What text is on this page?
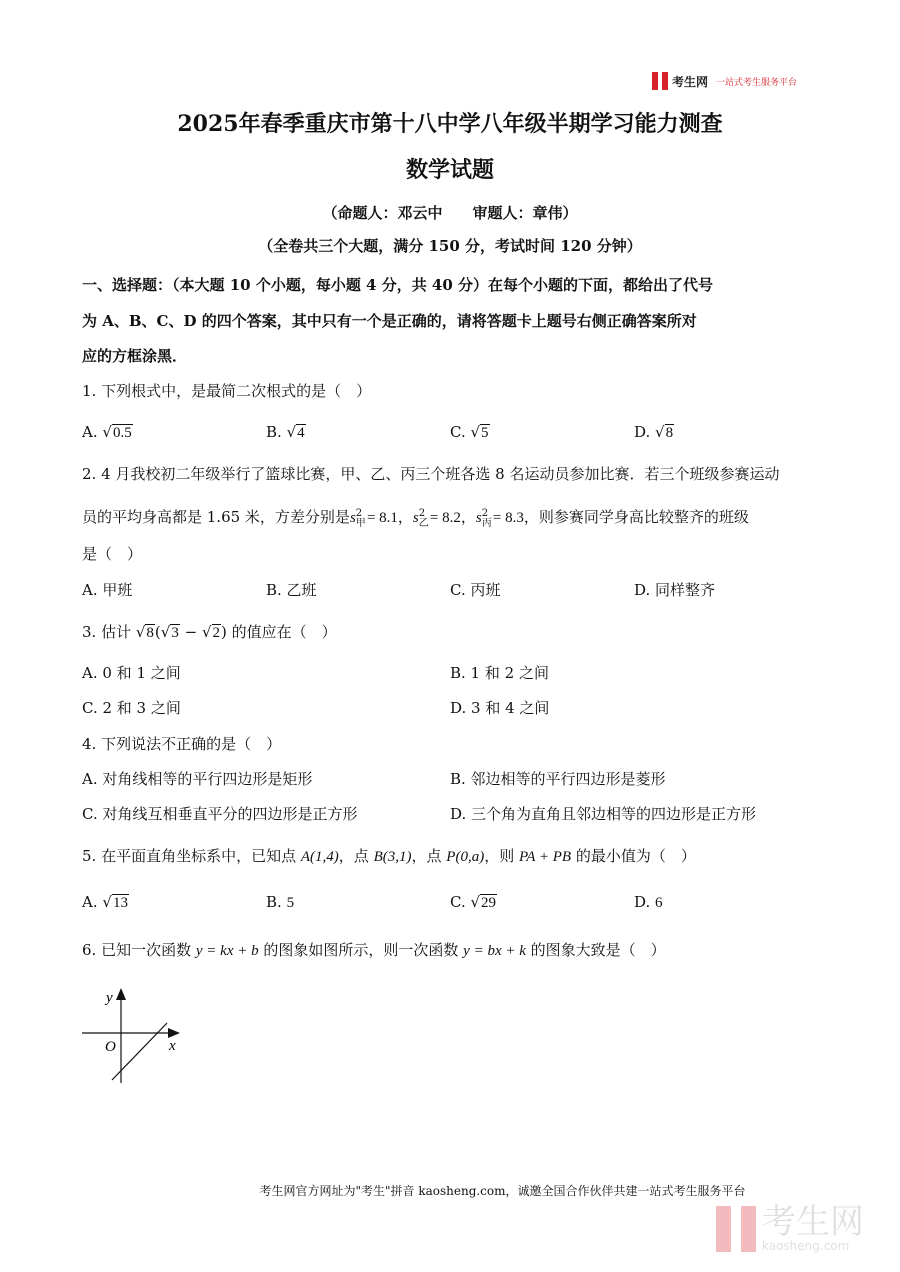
考生网 一站式考生服务平台
2025年春季重庆市第十八中学八年级半期学习能力测查
数学试题
（命题人：邓云中　　审题人：章伟）
（全卷共三个大题，满分 150 分，考试时间 120 分钟）
一、选择题：（本大题 10 个小题，每小题 4 分，共 40 分）在每个小题的下面，都给出了代号
为 A、B、C、D 的四个答案，其中只有一个是正确的，请将答题卡上题号右侧正确答案所对
应的方框涂黑．
1. 下列根式中，是最简二次根式的是（　）
A. √0.5	B. √4	C. √5	D. √8
2. 4 月我校初二年级举行了篮球比赛，甲、乙、丙三个班各选 8 名运动员参加比赛．若三个班级参赛运动
员的平均身高都是 1.65 米，方差分别是$s_甲^2 = 8.1$，$s_乙^2 = 8.2$，$s_丙^2 = 8.3$，则参赛同学身高比较整齐的班级
是（　）
A. 甲班	B. 乙班	C. 丙班	D. 同样整齐
3. 估计 √8(√3 − √2) 的值应在（　）
A. 0 和 1 之间	B. 1 和 2 之间
C. 2 和 3 之间	D. 3 和 4 之间
4. 下列说法不正确的是（　）
A. 对角线相等的平行四边形是矩形	B. 邻边相等的平行四边形是菱形
C. 对角线互相垂直平分的四边形是正方形	D. 三个角为直角且邻边相等的四边形是正方形
5. 在平面直角坐标系中，已知点 A(1,4)，点 B(3,1)，点 P(0,a)，则 PA + PB 的最小值为（　）
A. √13	B. 5	C. √29	D. 6
6. 已知一次函数 y = kx + b 的图象如图所示，则一次函数 y = bx + k 的图象大致是（　）
y
x
O
考生网官方网址为"考生"拼音 kaosheng.com，诚邀全国合作伙伴共建一站式考生服务平台
考生网
kaosheng.com
